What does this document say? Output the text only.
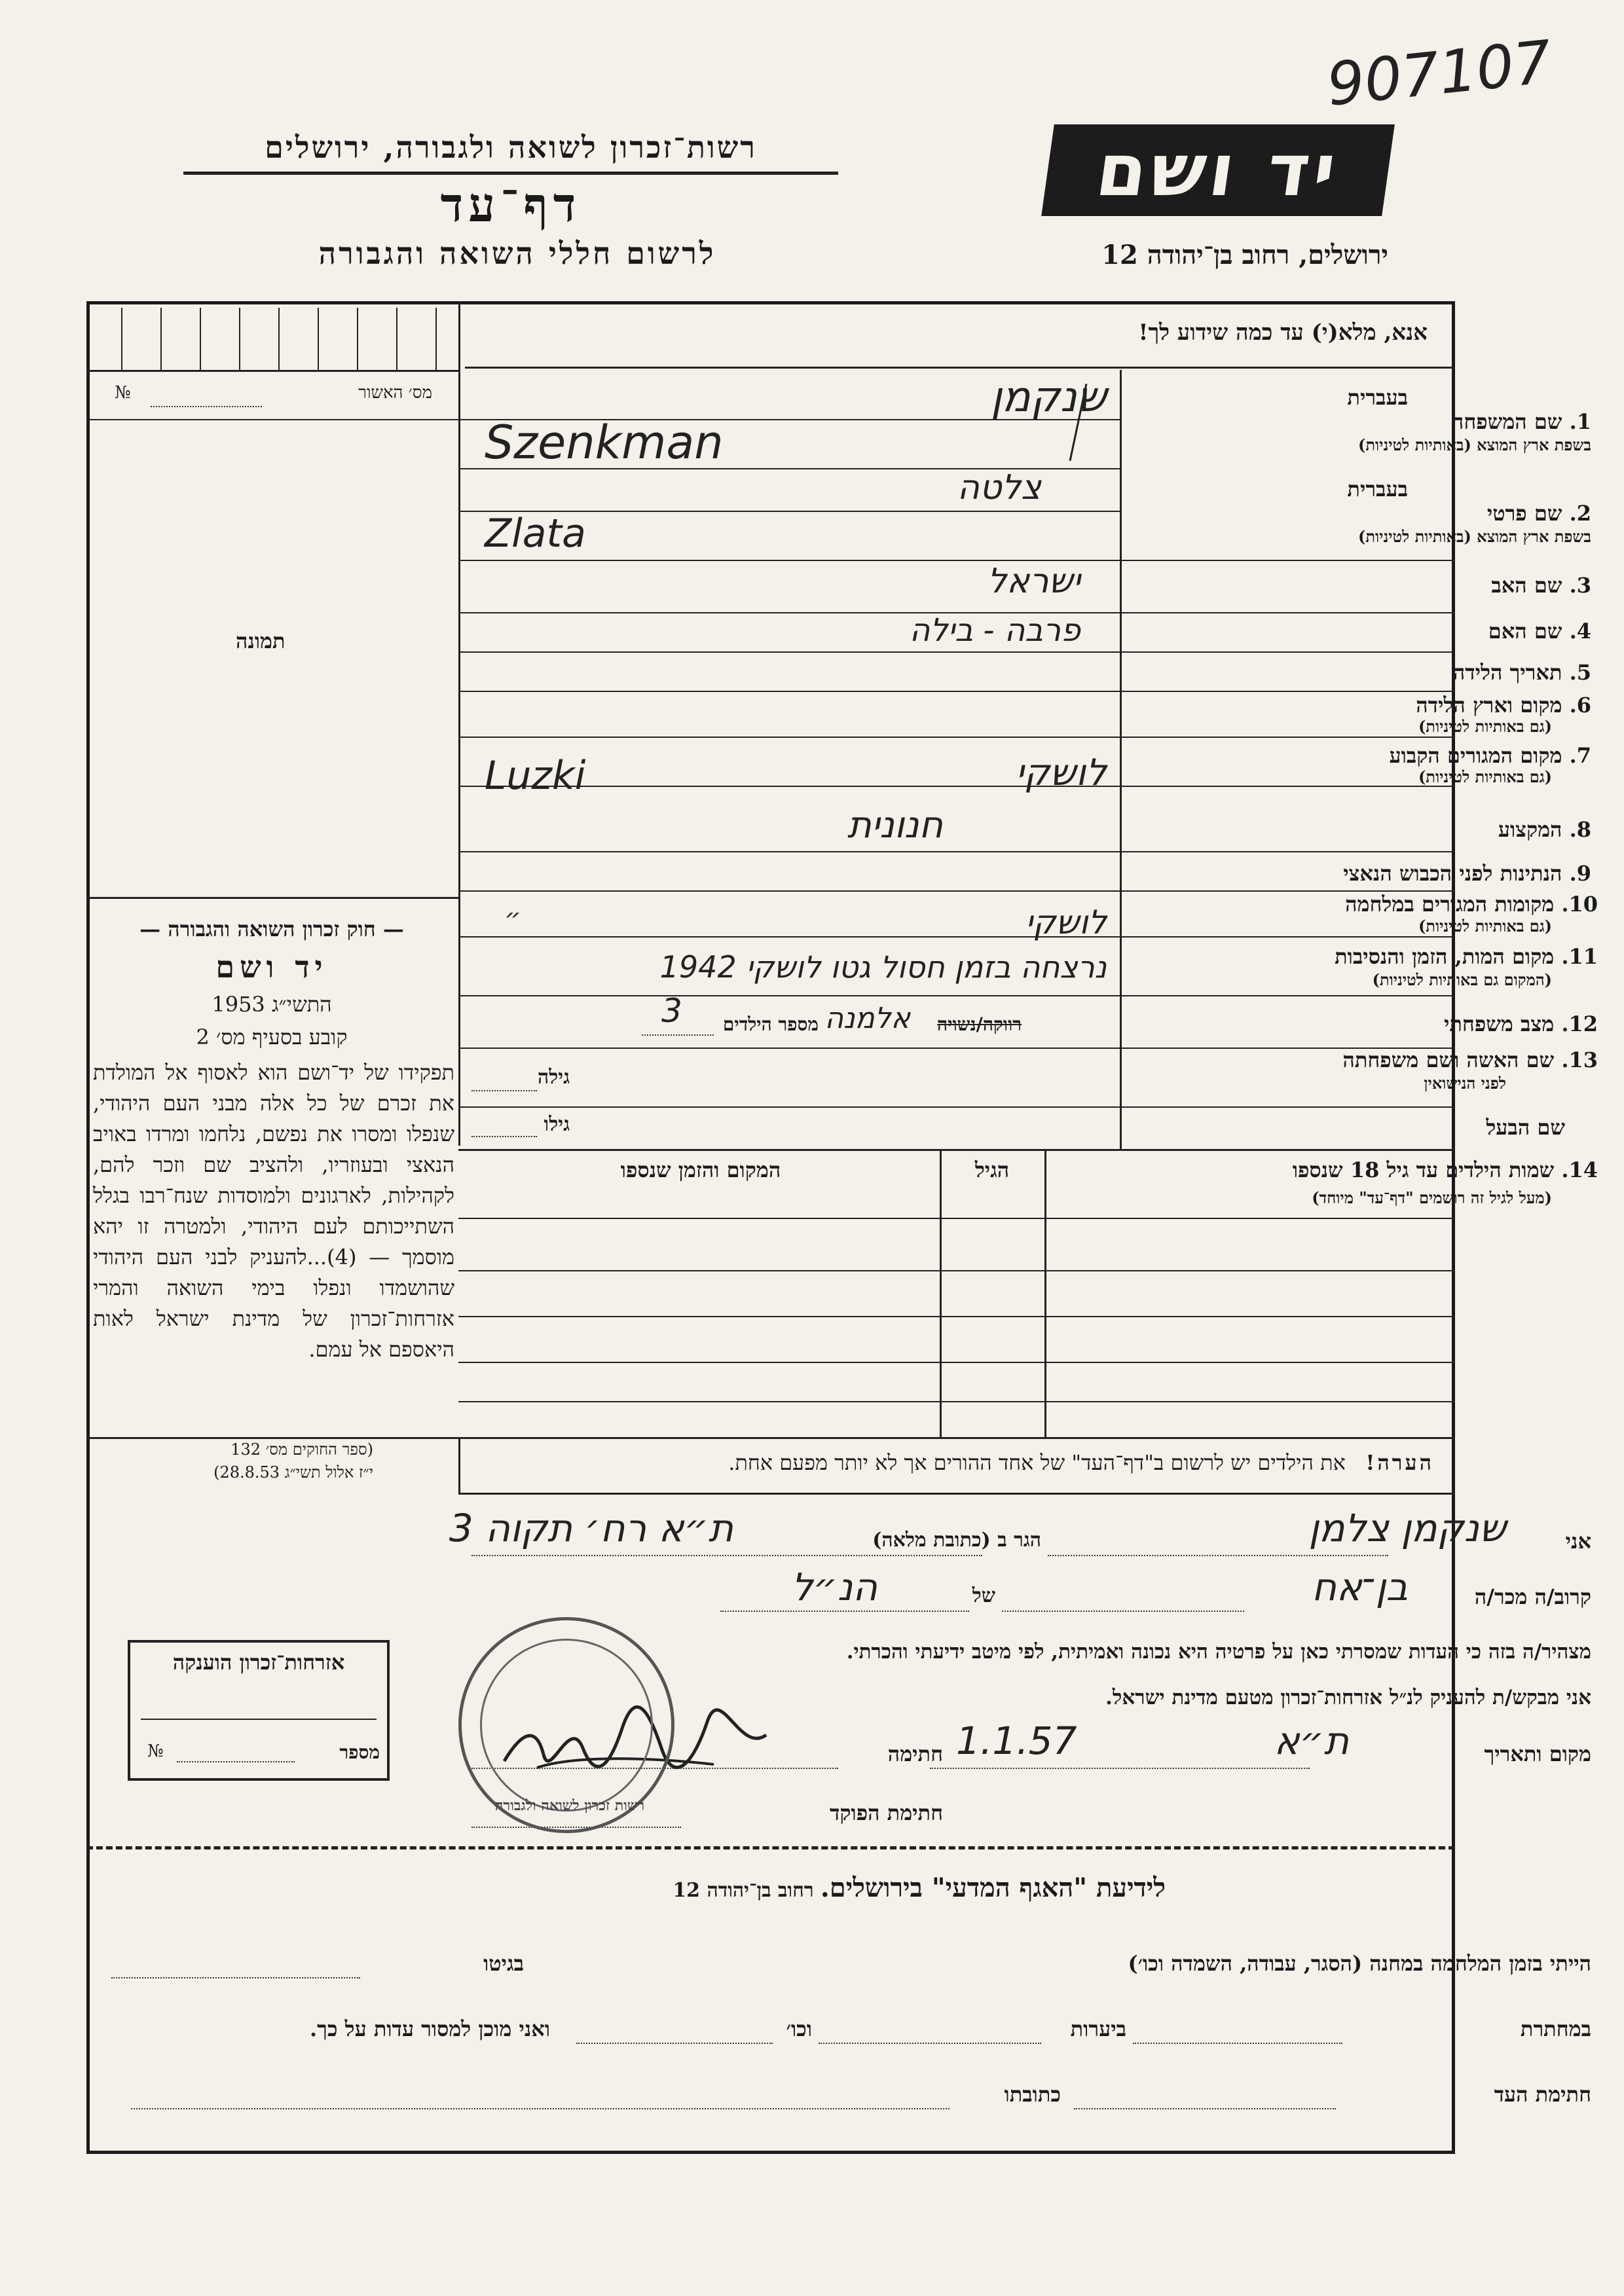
907107
רשות־זכרון לשואה ולגבורה, ירושלים
דף־עד
לרשום חללי השואה והגבורה
יד ושם
ירושלים, רחוב בן־יהודה 12
אנא, מלא(י) עד כמה שידוע לך!
№	מס׳ האשור
תמונה
— חוק זכרון השואה והגבורה —
יד ושם
התשי״ג 1953
קובע בסעיף מס׳ 2
תפקידו של יד־ושם הוא לאסוף אל המולדת את זכרם של כל אלה מבני העם היהודי, שנפלו ומסרו את נפשם, נלחמו ומרדו באויב הנאצי ובעוזריו, ולהציב שם וזכר להם, לקהילות, לארגונים ולמוסדות שנח־רבו בגלל השתייכותם לעם היהודי, ולמטרה זו יהא מוסמך — (4)...להעניק לבני העם היהודי שהושמדו ונפלו בימי השואה והמרי אזרחות־זכרון של מדינת ישראל לאות היאספם אל עמם.
(ספר החוקים מס׳ 132
י״ז אלול תשי״ג 28.8.53)
בעברית
1. שם המשפחה
בשפת ארץ המוצא (באותיות לטיניות)
שנקמן
Szenkman
בעברית
2. שם פרטי
בשפת ארץ המוצא (באותיות לטיניות)
צלטה
Zlata
3. שם האב
ישראל
4. שם האם
פרבה - בילה
5. תאריך הלידה
6. מקום וארץ הלידה
(גם באותיות לטיניות)
7. מקום המגורים הקבוע
(גם באותיות לטיניות)
לושקי
Luzki
8. המקצוע
חנונית
9. הנתינות לפני הכבוש הנאצי
10. מקומות המגורים במלחמה
(גם באותיות לטיניות)
לושקי
״
11. מקום המות, הזמן והנסיבות
(המקום גם באותיות לטיניות)
נרצחה בזמן חסול גטו לושקי 1942
12. מצב משפחתי
רווקה/נשויה
אלמנה
מספר הילדים
3
13. שם האשה ושם משפחתה
לפני הנישואין
גילה
שם הבעל
גילו
14. שמות הילדים עד גיל 18 שנספו
(מעל לגיל זה רושמים "דף־עד" מיוחד)
הגיל
המקום והזמן שנספו
הערה!   את הילדים יש לרשום ב"דף־העד" של אחד ההורים אך לא יותר מפעם אחת.
אני
שנקמן צלמן
הגר ב (כתובת מלאה)
ת״א רח׳ תקוה 3
קרוב/ה מכר/ה
בן־אח
של
הנ״ל
מצהיר/ה בזה כי העדות שמסרתי כאן על פרטיה היא נכונה ואמיתית, לפי מיטב ידיעתי והכרתי.
אני מבקש/ת להעניק לנ״ל אזרחות־זכרון מטעם מדינת ישראל.
מקום ותאריך
ת״א
1.1.57
חתימה
חתימת הפוקד
רשות זכרון לשואה ולגבורה
אזרחות־זכרון הוענקה
№	מספר
לידיעת "האגף המדעי" בירושלים.  רחוב בן־יהודה 12
הייתי בזמן המלחמה במחנה (הסגר, עבודה, השמדה וכו׳)
בגיטו
במחתרת
ביערות
וכו׳
ואני מוכן למסור עדות על כך.
חתימת העד
כתובתו
